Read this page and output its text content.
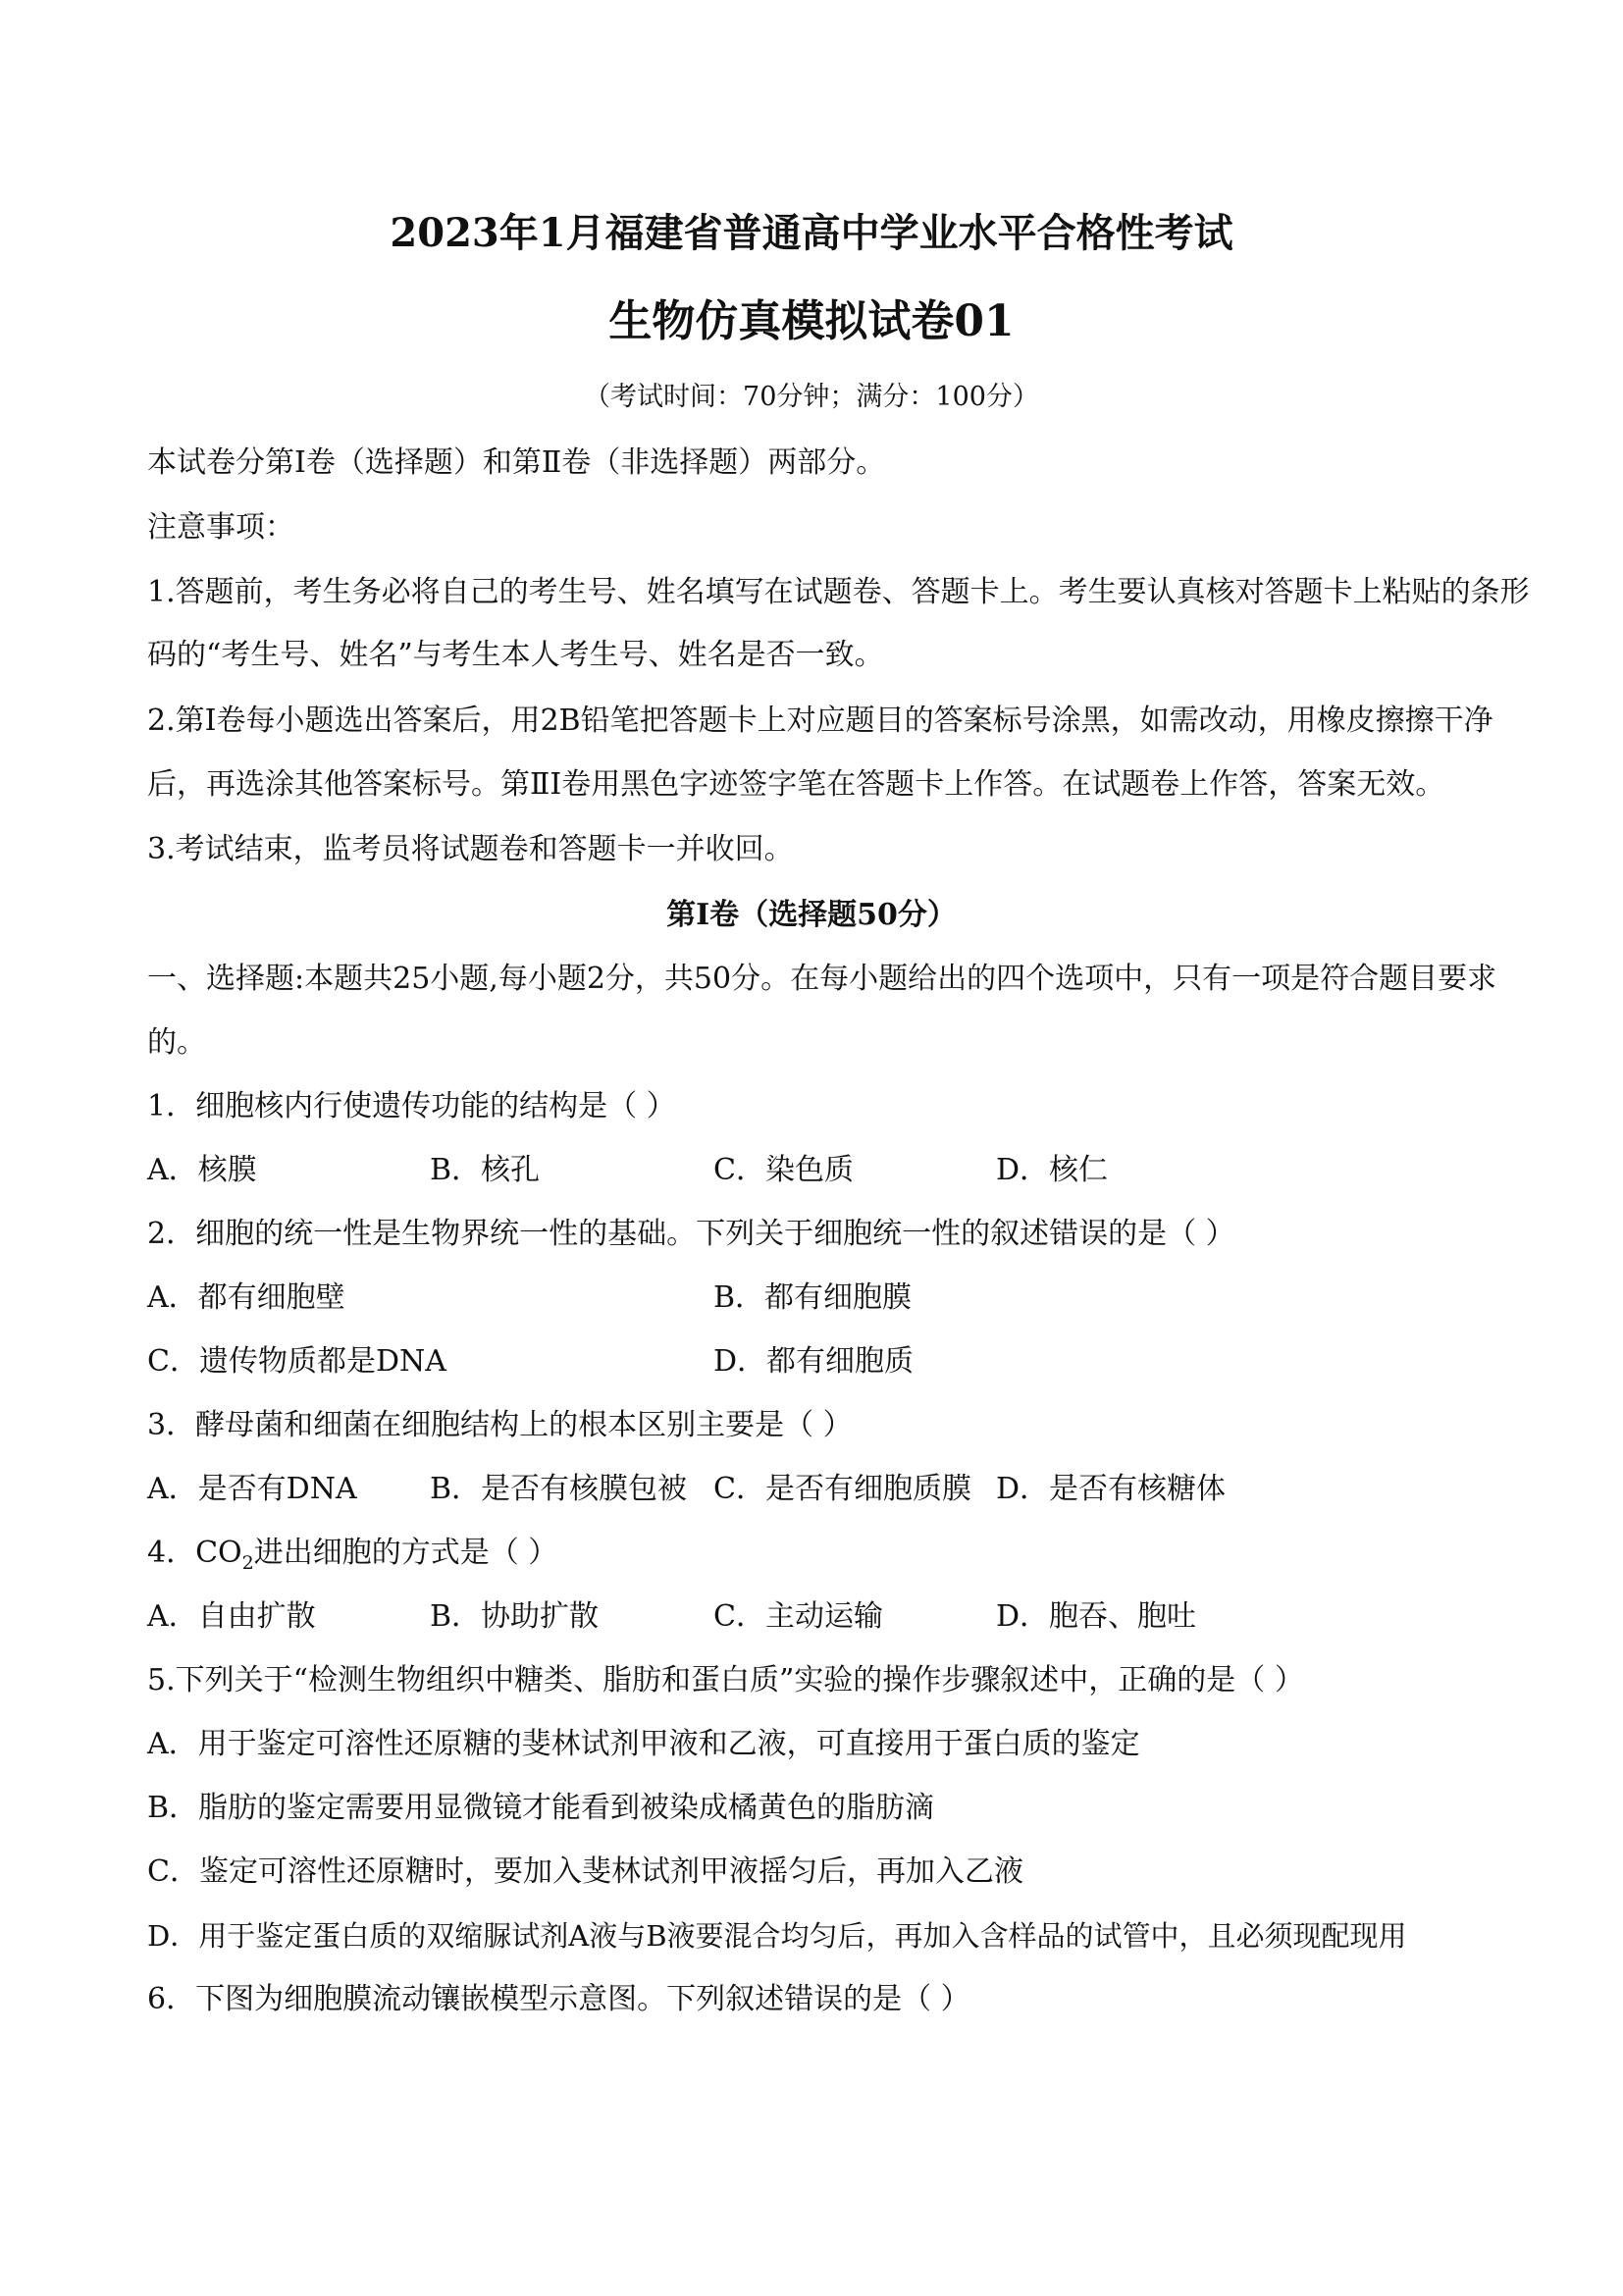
2023年1月福建省普通高中学业水平合格性考试
生物仿真模拟试卷01
（考试时间：70分钟；满分：100分）
本试卷分第Ⅰ卷（选择题）和第Ⅱ卷（非选择题）两部分。
注意事项：
1.答题前，考生务必将自己的考生号、姓名填写在试题卷、答题卡上。考生要认真核对答题卡上粘贴的条形
码的“考生号、姓名”与考生本人考生号、姓名是否一致。
2.第Ⅰ卷每小题选出答案后，用2B铅笔把答题卡上对应题目的答案标号涂黑，如需改动，用橡皮擦擦干净
后，再选涂其他答案标号。第ⅡI卷用黑色字迹签字笔在答题卡上作答。在试题卷上作答，答案无效。
3.考试结束，监考员将试题卷和答题卡一并收回。
第Ⅰ卷（选择题50分）
一、选择题:本题共25小题,每小题2分，共50分。在每小题给出的四个选项中，只有一项是符合题目要求
的。
1．细胞核内行使遗传功能的结构是（ ）
A．核膜	B．核孔	C．染色质	D．核仁
2．细胞的统一性是生物界统一性的基础。下列关于细胞统一性的叙述错误的是（ ）
A．都有细胞壁	B．都有细胞膜
C．遗传物质都是DNA	D．都有细胞质
3．酵母菌和细菌在细胞结构上的根本区别主要是（ ）
A．是否有DNA B．是否有核膜包被 C．是否有细胞质膜 D．是否有核糖体
4．$CO_2$进出细胞的方式是（ ）
A．自由扩散	B．协助扩散	C．主动运输	D．胞吞、胞吐
5.下列关于“检测生物组织中糖类、脂肪和蛋白质”实验的操作步骤叙述中，正确的是（ ）
A．用于鉴定可溶性还原糖的斐林试剂甲液和乙液，可直接用于蛋白质的鉴定
B．脂肪的鉴定需要用显微镜才能看到被染成橘黄色的脂肪滴
C．鉴定可溶性还原糖时，要加入斐林试剂甲液摇匀后，再加入乙液
D．用于鉴定蛋白质的双缩脲试剂A液与B液要混合均匀后，再加入含样品的试管中，且必须现配现用
6．下图为细胞膜流动镶嵌模型示意图。下列叙述错误的是（ ）
